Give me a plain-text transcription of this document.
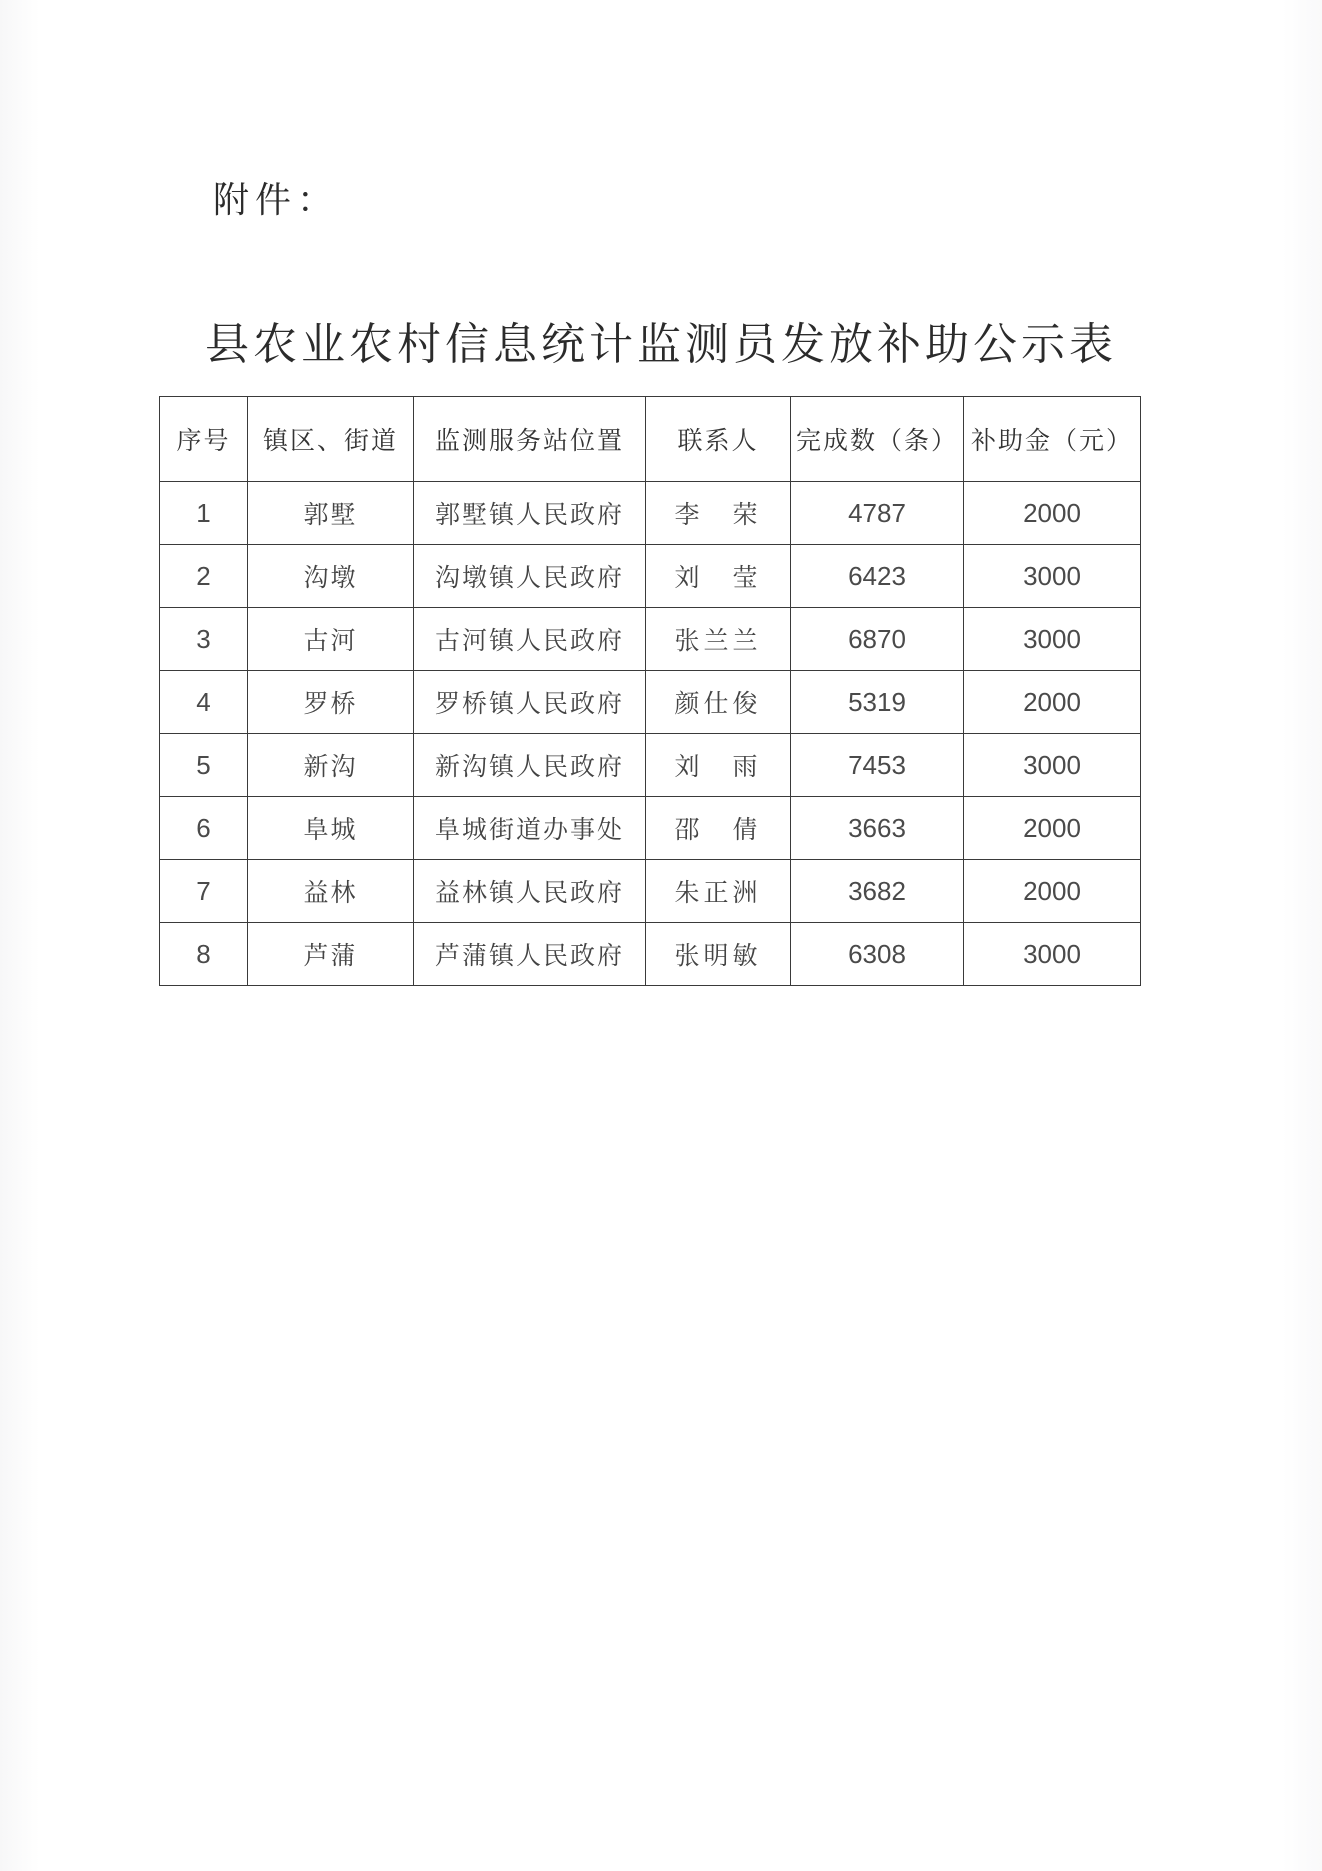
附件：
县农业农村信息统计监测员发放补助公示表
序号	镇区、街道	监测服务站位置	联系人	完成数（条）	补助金（元）
1	郭墅	郭墅镇人民政府	李　荣	4787	2000
2	沟墩	沟墩镇人民政府	刘　莹	6423	3000
3	古河	古河镇人民政府	张兰兰	6870	3000
4	罗桥	罗桥镇人民政府	颜仕俊	5319	2000
5	新沟	新沟镇人民政府	刘　雨	7453	3000
6	阜城	阜城街道办事处	邵　倩	3663	2000
7	益林	益林镇人民政府	朱正洲	3682	2000
8	芦蒲	芦蒲镇人民政府	张明敏	6308	3000
